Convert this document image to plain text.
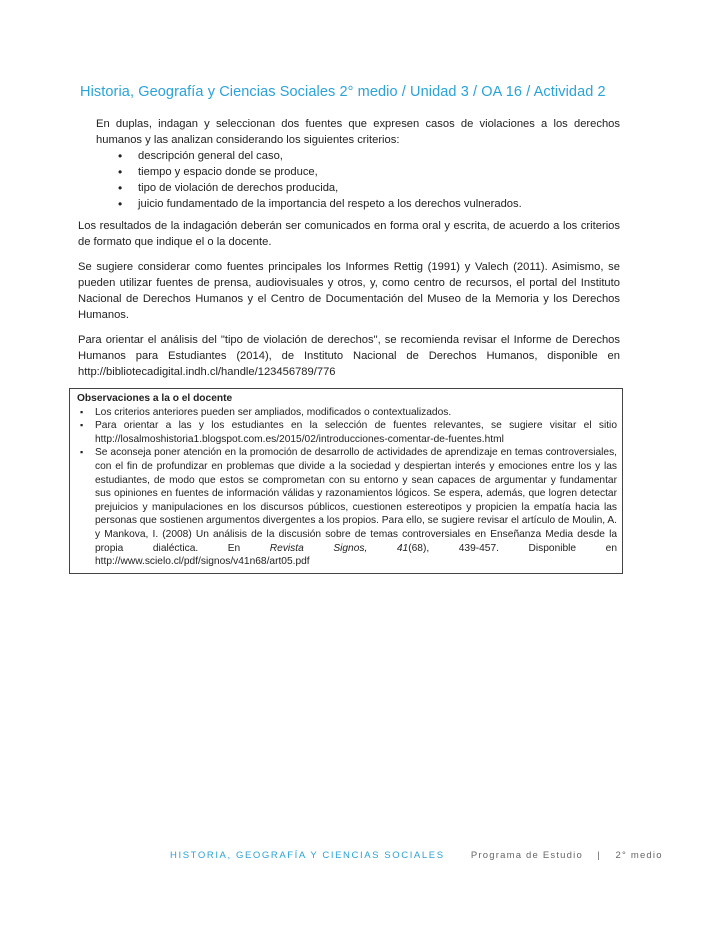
Historia, Geografía y Ciencias Sociales 2° medio / Unidad 3 / OA 16 / Actividad 2

En duplas, indagan y seleccionan dos fuentes que expresen casos de violaciones a los derechos humanos y las analizan considerando los siguientes criterios:

• descripción general del caso,
• tiempo y espacio donde se produce,
• tipo de violación de derechos producida,
• juicio fundamentado de la importancia del respeto a los derechos vulnerados.

Los resultados de la indagación deberán ser comunicados en forma oral y escrita, de acuerdo a los criterios de formato que indique el o la docente.

Se sugiere considerar como fuentes principales los Informes Rettig (1991) y Valech (2011). Asimismo, se pueden utilizar fuentes de prensa, audiovisuales y otros, y, como centro de recursos, el portal del Instituto Nacional de Derechos Humanos y el Centro de Documentación del Museo de la Memoria y los Derechos Humanos.

Para orientar el análisis del "tipo de violación de derechos", se recomienda revisar el Informe de Derechos Humanos para Estudiantes (2014), de Instituto Nacional de Derechos Humanos, disponible en http://bibliotecadigital.indh.cl/handle/123456789/776

Observaciones a la o el docente
▪ Los criterios anteriores pueden ser ampliados, modificados o contextualizados.
▪ Para orientar a las y los estudiantes en la selección de fuentes relevantes, se sugiere visitar el sitio http://losalmoshistoria1.blogspot.com.es/2015/02/introducciones-comentar-de-fuentes.html
▪ Se aconseja poner atención en la promoción de desarrollo de actividades de aprendizaje en temas controversiales, con el fin de profundizar en problemas que divide a la sociedad y despiertan interés y emociones entre los y las estudiantes, de modo que estos se comprometan con su entorno y sean capaces de argumentar y fundamentar sus opiniones en fuentes de información válidas y razonamientos lógicos. Se espera, además, que logren detectar prejuicios y manipulaciones en los discursos públicos, cuestionen estereotipos y propicien la empatía hacia las personas que sostienen argumentos divergentes a los propios. Para ello, se sugiere revisar el artículo de Moulin, A. y Mankova, I. (2008) Un análisis de la discusión sobre de temas controversiales en Enseñanza Media desde la propia dialéctica. En Revista Signos, 41(68), 439-457. Disponible en http://www.scielo.cl/pdf/signos/v41n68/art05.pdf
HISTORIA, GEOGRAFÍA Y CIENCIAS SOCIALES	Programa de Estudio | 2° medio
